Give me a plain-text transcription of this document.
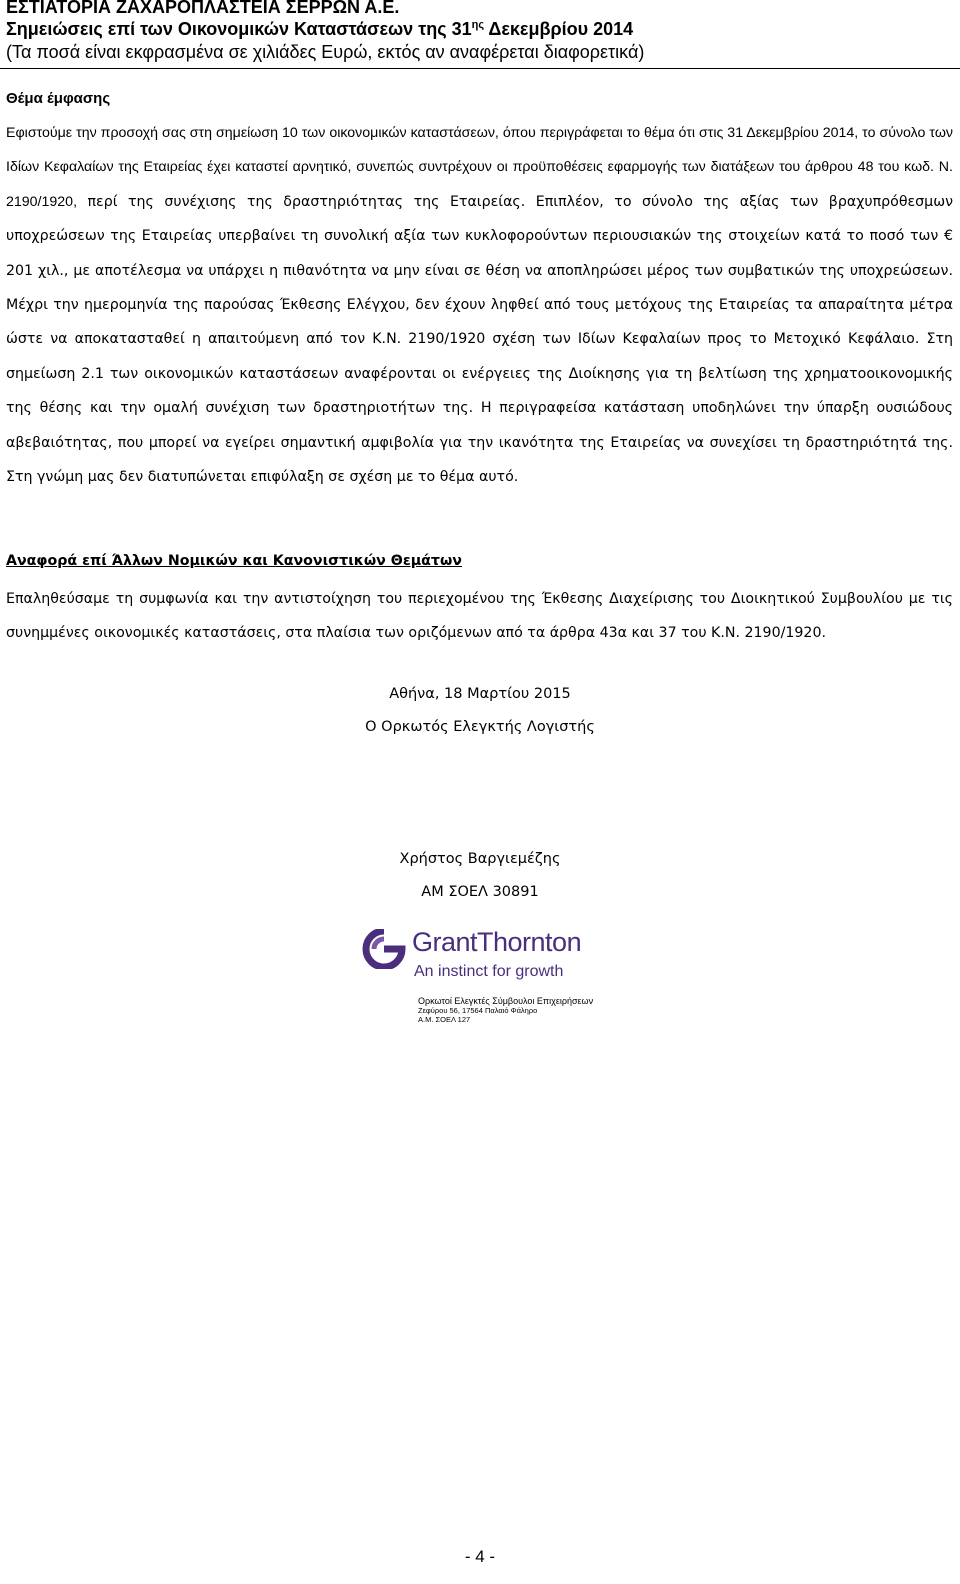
ΕΣΤΙΑΤΟΡΙΑ ΖΑΧΑΡΟΠΛΑΣΤΕΙΑ ΣΕΡΡΩΝ Α.Ε.
Σημειώσεις επί των Οικονομικών Καταστάσεων της $31^{\eta\varsigma}$ Δεκεμβρίου 2014
(Τα ποσά είναι εκφρασμένα σε χιλιάδες Ευρώ, εκτός αν αναφέρεται διαφορετικά)
Θέμα έμφασης
Εφιστούμε την προσοχή σας στη σημείωση 10 των οικονομικών καταστάσεων, όπου περιγράφεται το θέμα ότι στις 31 Δεκεμβρίου 2014, το σύνολο των Ιδίων Κεφαλαίων της Εταιρείας έχει καταστεί αρνητικό, συνεπώς συντρέχουν οι προϋποθέσεις εφαρμογής των διατάξεων του άρθρου 48 του κωδ. Ν. 2190/1920, περί της συνέχισης της δραστηριότητας της Εταιρείας. Επιπλέον, το σύνολο της αξίας των βραχυπρόθεσμων υποχρεώσεων της Εταιρείας υπερβαίνει τη συνολική αξία των κυκλοφορούντων περιουσιακών της στοιχείων κατά το ποσό των € 201 χιλ., με αποτέλεσμα να υπάρχει η πιθανότητα να μην είναι σε θέση να αποπληρώσει μέρος των συμβατικών της υποχρεώσεων. Μέχρι την ημερομηνία της παρούσας Έκθεσης Ελέγχου, δεν έχουν ληφθεί από τους μετόχους της Εταιρείας τα απαραίτητα μέτρα ώστε να αποκατασταθεί η απαιτούμενη από τον Κ.Ν. 2190/1920 σχέση των Ιδίων Κεφαλαίων προς το Μετοχικό Κεφάλαιο. Στη σημείωση 2.1 των οικονομικών καταστάσεων αναφέρονται οι ενέργειες της Διοίκησης για τη βελτίωση της χρηματοοικονομικής της θέσης και την ομαλή συνέχιση των δραστηριοτήτων της. Η περιγραφείσα κατάσταση υποδηλώνει την ύπαρξη ουσιώδους αβεβαιότητας, που μπορεί να εγείρει σημαντική αμφιβολία για την ικανότητα της Εταιρείας να συνεχίσει τη δραστηριότητά της. Στη γνώμη μας δεν διατυπώνεται επιφύλαξη σε σχέση με το θέμα αυτό.
Αναφορά επί Άλλων Νομικών και Κανονιστικών Θεμάτων
Επαληθεύσαμε τη συμφωνία και την αντιστοίχηση του περιεχομένου της Έκθεσης Διαχείρισης του Διοικητικού Συμβουλίου με τις συνημμένες οικονομικές καταστάσεις, στα πλαίσια των οριζόμενων από τα άρθρα 43α και 37 του Κ.Ν. 2190/1920.
Αθήνα, 18 Μαρτίου 2015
Ο Ορκωτός Ελεγκτής Λογιστής
Χρήστος Βαργιεμέζης
ΑΜ ΣΟΕΛ 30891
GrantThornton
An instinct for growth
Ορκωτοί Ελεγκτές Σύμβουλοι Επιχειρήσεων
Ζεφύρου 56, 17564 Παλαιό Φάληρο
Α.Μ. ΣΟΕΛ 127
- 4 -
